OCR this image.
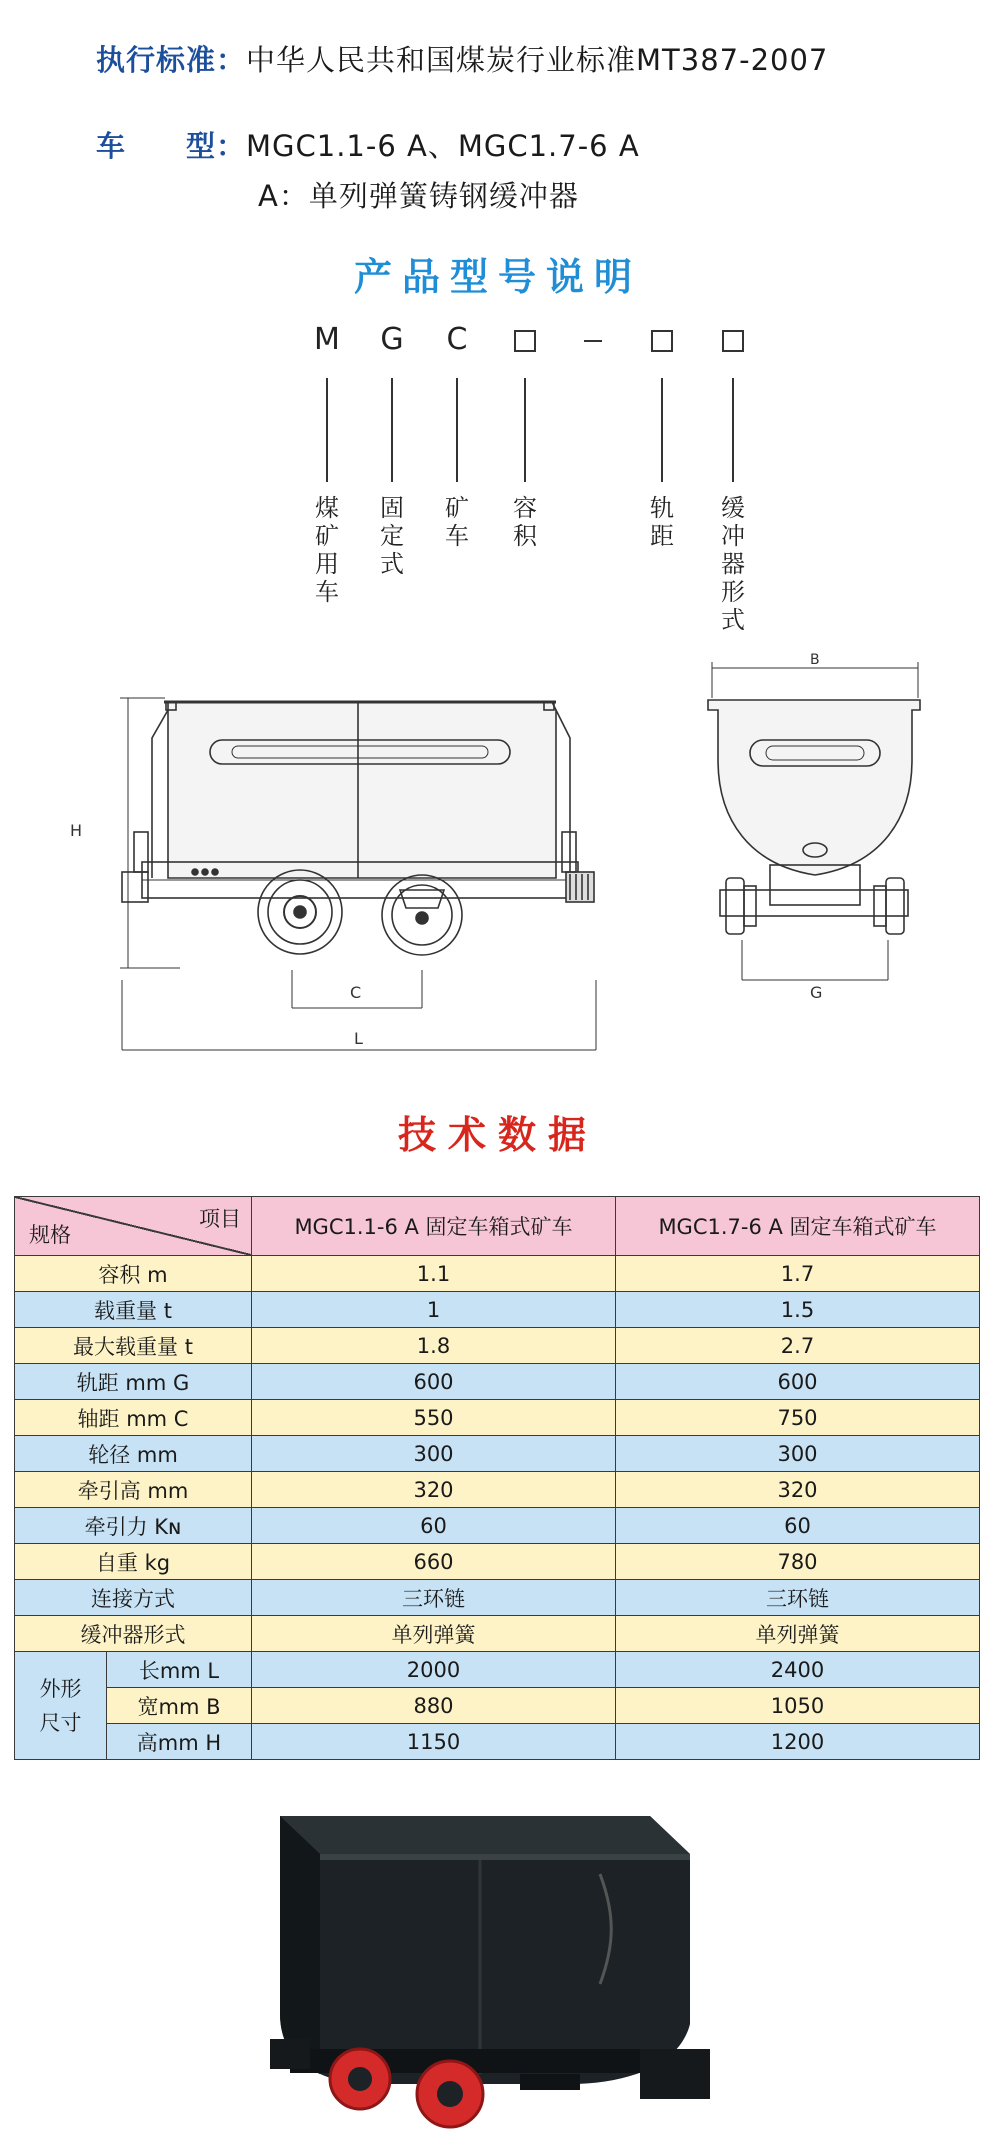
执行标准：中华人民共和国煤炭行业标准MT387-2007
车　　型：MGC1.1-6 A、MGC1.7-6 A
A：单列弹簧铸钢缓冲器
产品型号说明
M G	C
煤矿用车
固定式
矿车
容积
轨距
缓冲器形式
H
C
L
B
G
技术数据
项目
规格		MGC1.1-6 A 固定车箱式矿车	MGC1.7-6 A 固定车箱式矿车
容积 m		1.1	1.7
载重量 t		1	1.5
最大载重量 t		1.8	2.7
轨距 mm G		600	600
轴距 mm C		550	750
轮径 mm		300	300
牵引高 mm		320	320
牵引力 Kɴ		60	60
自重 kg		660	780
连接方式		三环链	三环链
缓冲器形式		单列弹簧	单列弹簧

外形尺寸	长mm L	2000	2400
	宽mm B	880	1050
	高mm H	1150	1200
